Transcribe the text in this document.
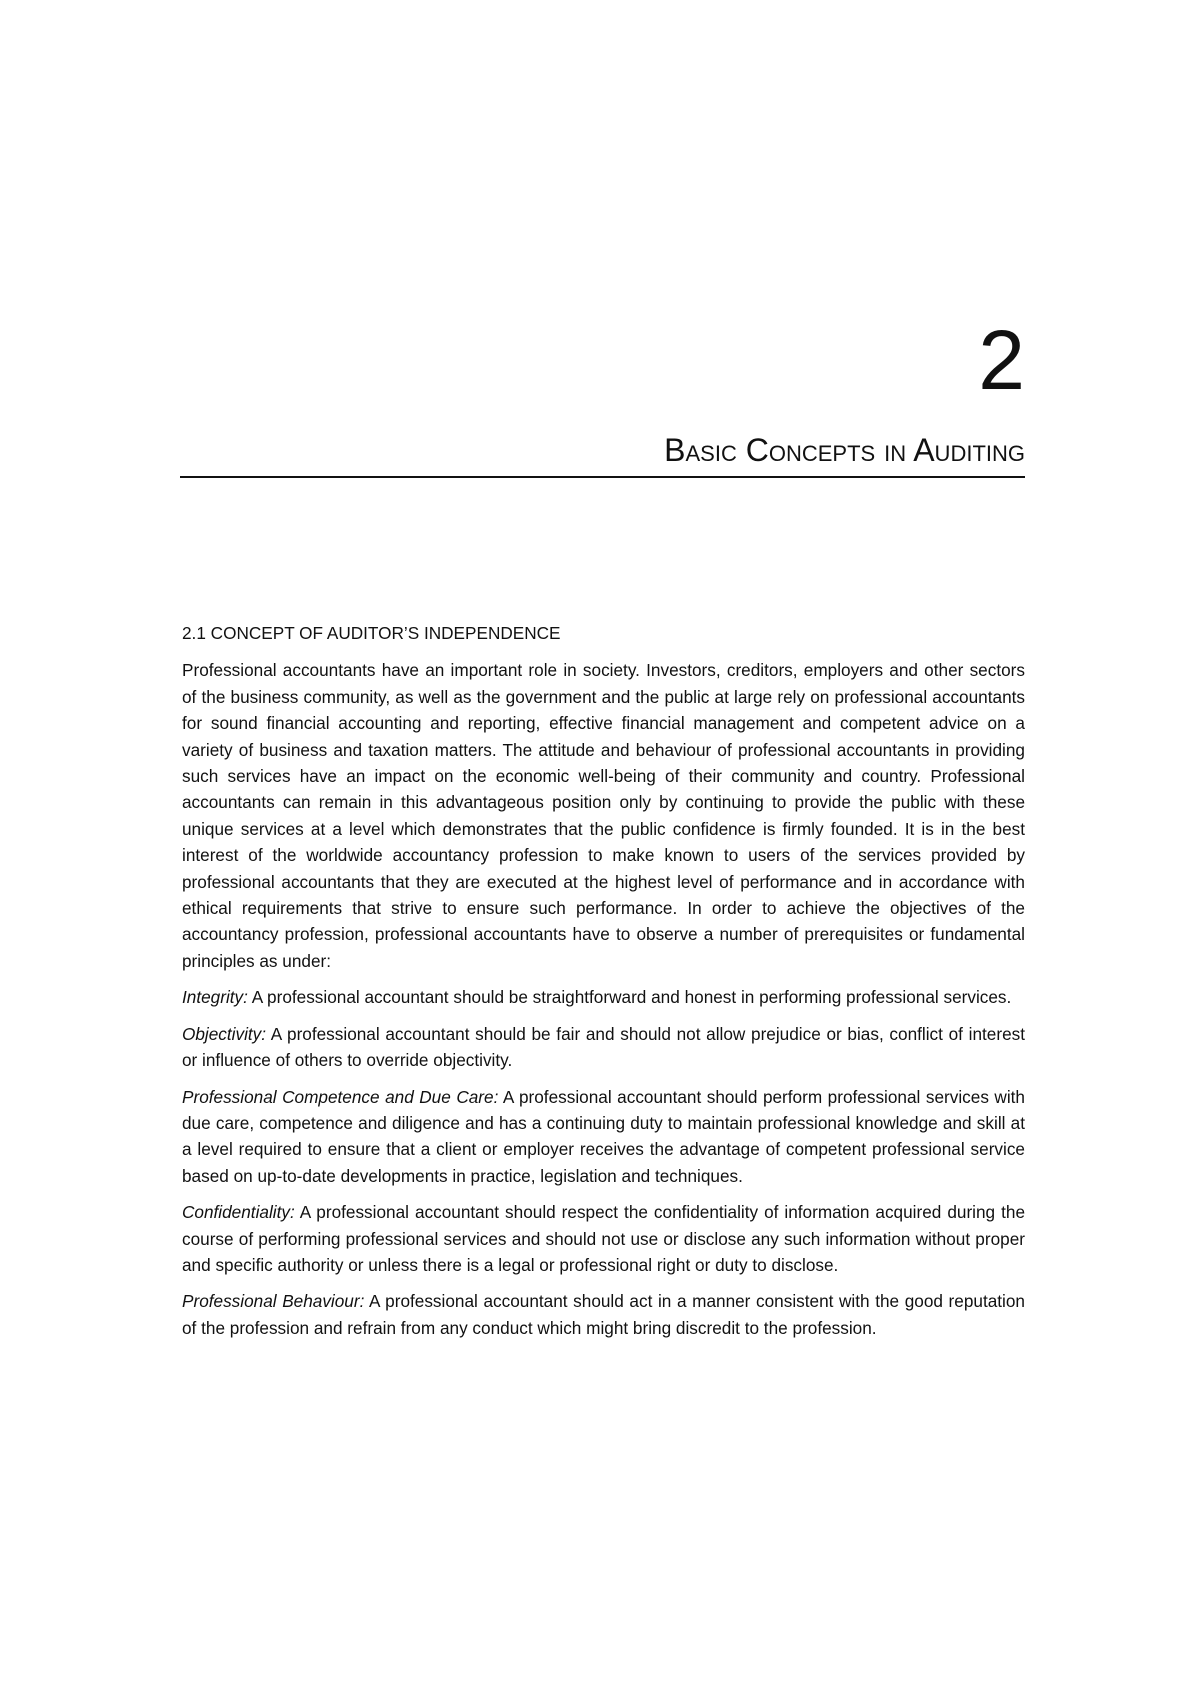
2
Basic Concepts in Auditing
2.1 CONCEPT OF AUDITOR’S INDEPENDENCE

Professional accountants have an important role in society. Investors, creditors, employers and other sectors of the business community, as well as the government and the public at large rely on professional accountants for sound financial accounting and reporting, effective financial management and competent advice on a variety of business and taxation matters. The attitude and behaviour of professional accountants in providing such services have an impact on the economic well-being of their community and country. Professional accountants can remain in this advantageous position only by continuing to provide the public with these unique services at a level which demonstrates that the public confidence is firmly founded. It is in the best interest of the worldwide accountancy profession to make known to users of the services provided by professional accountants that they are executed at the highest level of performance and in accordance with ethical requirements that strive to ensure such performance. In order to achieve the objectives of the accountancy profession, professional accountants have to observe a number of prerequisites or fundamental principles as under:

Integrity: A professional accountant should be straightforward and honest in performing professional services.

Objectivity: A professional accountant should be fair and should not allow prejudice or bias, conflict of interest or influence of others to override objectivity.

Professional Competence and Due Care: A professional accountant should perform professional services with due care, competence and diligence and has a continuing duty to maintain professional knowledge and skill at a level required to ensure that a client or employer receives the advantage of competent professional service based on up-to-date developments in practice, legislation and techniques.

Confidentiality: A professional accountant should respect the confidentiality of information acquired during the course of performing professional services and should not use or disclose any such information without proper and specific authority or unless there is a legal or professional right or duty to disclose.

Professional Behaviour: A professional accountant should act in a manner consistent with the good reputation of the profession and refrain from any conduct which might bring discredit to the profession.
